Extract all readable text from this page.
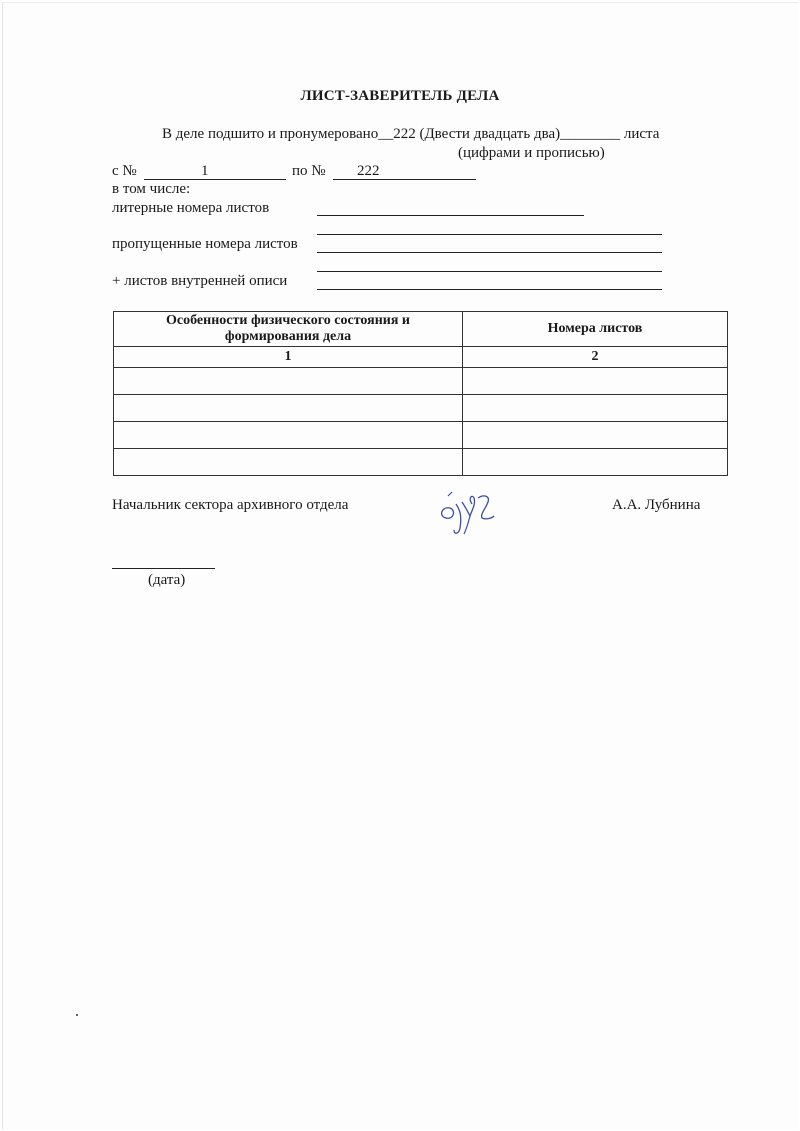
ЛИСТ-ЗАВЕРИТЕЛЬ ДЕЛА
В деле подшито и пронумеровано__222 (Двести двадцать два)________ листа
(цифрами и прописью)
с №	1	по № 222
в том числе:
литерные номера листов
пропущенные номера листов
+ листов внутренней описи
Особенности физического состояния и формирования дела	Номера листов
1	2

Начальник сектора архивного отдела	А.А. Лубнина
(дата)
